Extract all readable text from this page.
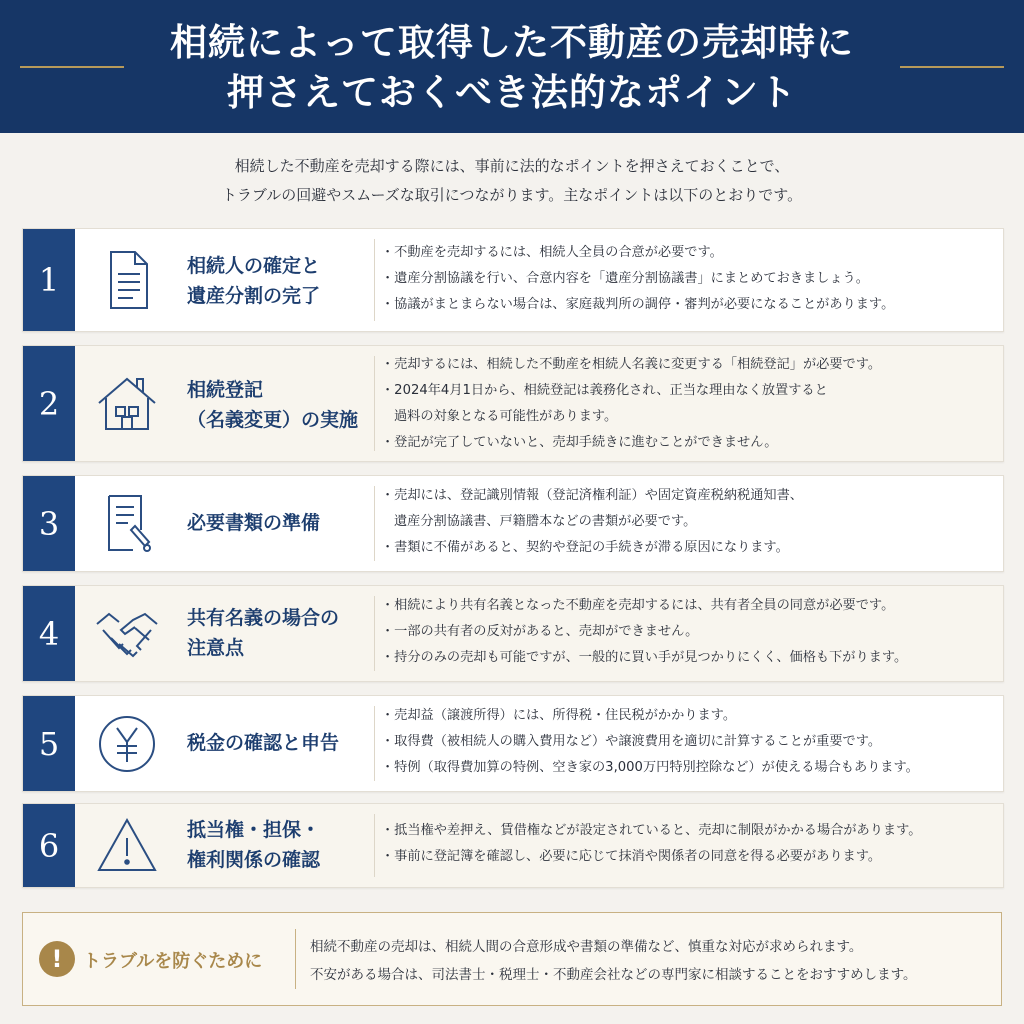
相続によって取得した不動産の売却時に
押さえておくべき法的なポイント
相続した不動産を売却する際には、事前に法的なポイントを押さえておくことで、
トラブルの回避やスムーズな取引につながります。主なポイントは以下のとおりです。
1	相続人の確定と
遺産分割の完了
・不動産を売却するには、相続人全員の合意が必要です。
・遺産分割協議を行い、合意内容を「遺産分割協議書」にまとめておきましょう。
・協議がまとまらない場合は、家庭裁判所の調停・審判が必要になることがあります。
2	相続登記
（名義変更）の実施
・売却するには、相続した不動産を相続人名義に変更する「相続登記」が必要です。
・2024年4月1日から、相続登記は義務化され、正当な理由なく放置すると
過料の対象となる可能性があります。
・登記が完了していないと、売却手続きに進むことができません。
3	必要書類の準備
・売却には、登記識別情報（登記済権利証）や固定資産税納税通知書、
遺産分割協議書、戸籍謄本などの書類が必要です。
・書類に不備があると、契約や登記の手続きが滞る原因になります。
4	共有名義の場合の
注意点
・相続により共有名義となった不動産を売却するには、共有者全員の同意が必要です。
・一部の共有者の反対があると、売却ができません。
・持分のみの売却も可能ですが、一般的に買い手が見つかりにくく、価格も下がります。
5	税金の確認と申告
・売却益（譲渡所得）には、所得税・住民税がかかります。
・取得費（被相続人の購入費用など）や譲渡費用を適切に計算することが重要です。
・特例（取得費加算の特例、空き家の3,000万円特別控除など）が使える場合もあります。
6	抵当権・担保・
権利関係の確認
・抵当権や差押え、賃借権などが設定されていると、売却に制限がかかる場合があります。
・事前に登記簿を確認し、必要に応じて抹消や関係者の同意を得る必要があります。
!	トラブルを防ぐために
相続不動産の売却は、相続人間の合意形成や書類の準備など、慎重な対応が求められます。
不安がある場合は、司法書士・税理士・不動産会社などの専門家に相談することをおすすめします。
